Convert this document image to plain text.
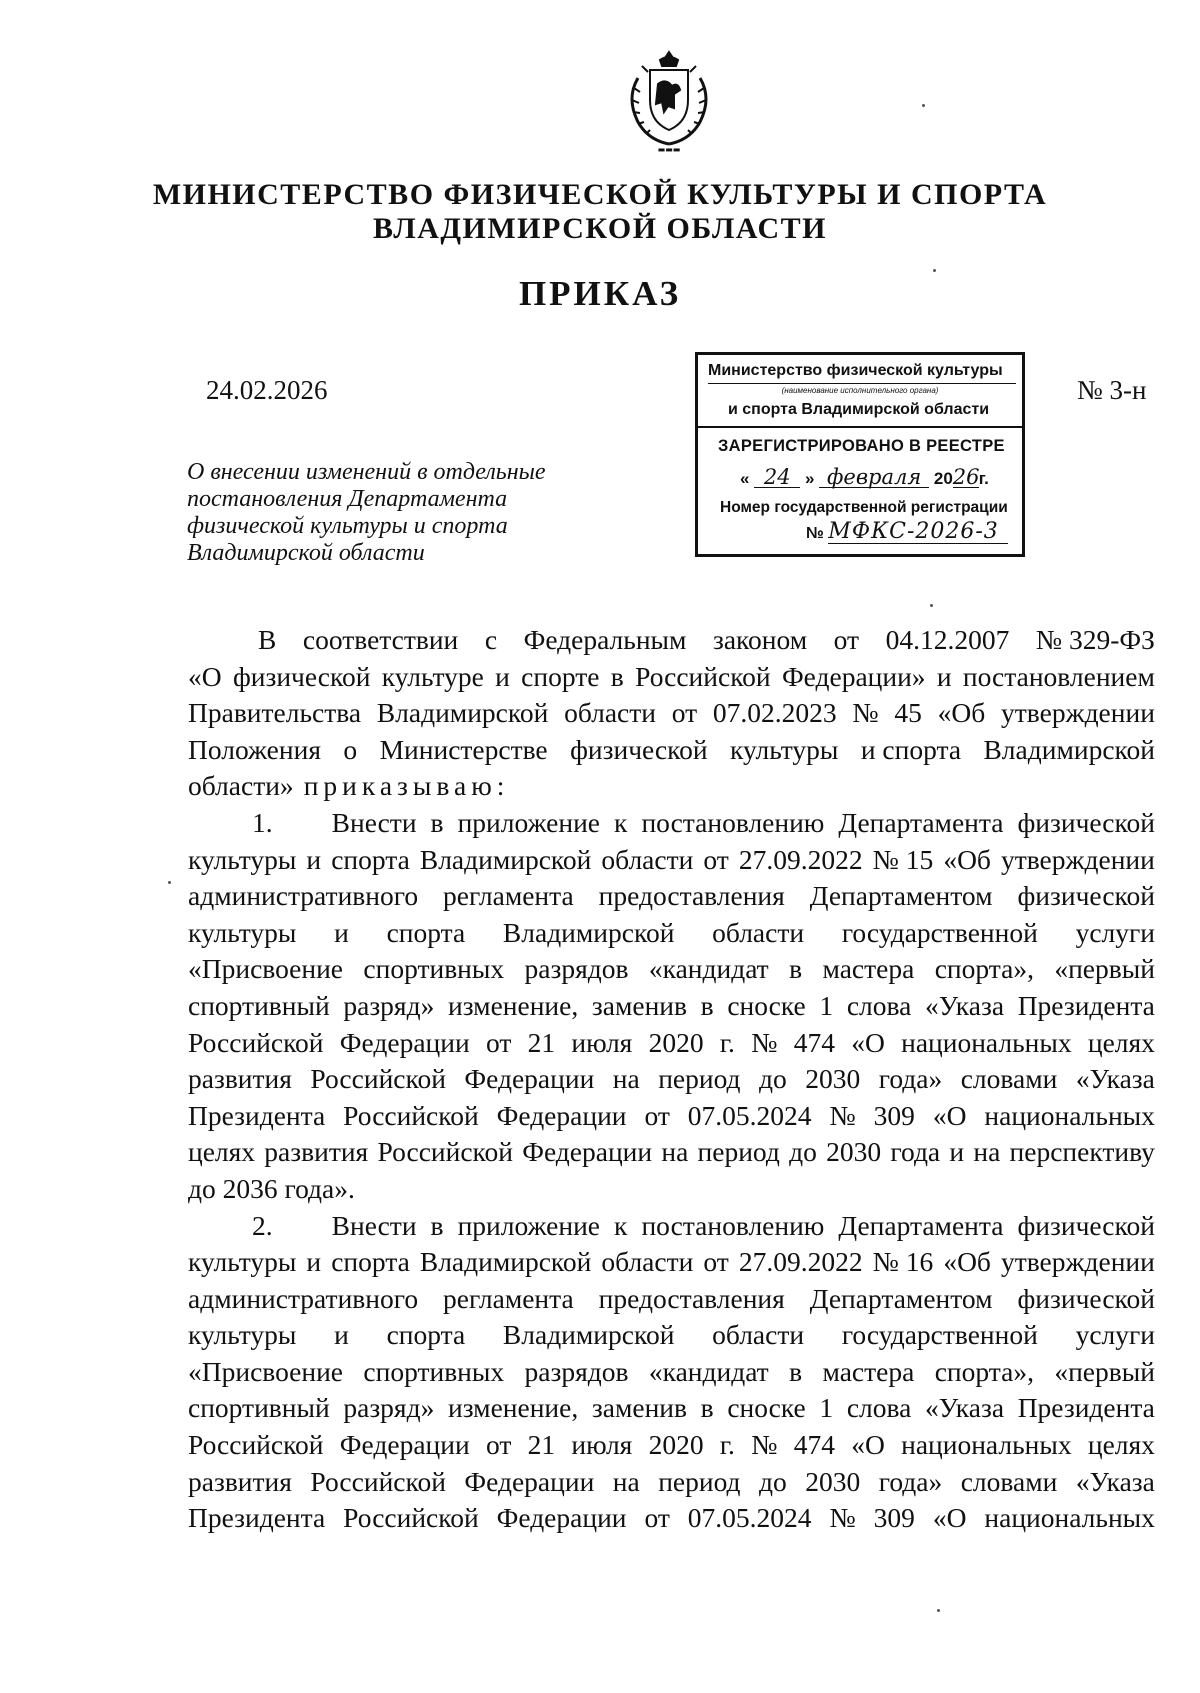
▬▬▬
МИНИСТЕРСТВО ФИЗИЧЕСКОЙ КУЛЬТУРЫ И СПОРТА
ВЛАДИМИРСКОЙ ОБЛАСТИ
ПРИКАЗ
24.02.2026	№ 3-н
О внесении изменений в отдельные
постановления Департамента
физической культуры и спорта
Владимирской области
Министерство физической культуры
(наименование исполнительного органа)
и спорта Владимирской области
ЗАРЕГИСТРИРОВАНО В РЕЕСТРЕ
« 24 » февраля 2026г.
Номер государственной регистрации
№ МФКС-2026-3
В соответствии с Федеральным законом от 04.12.2007 № 329-ФЗ
«О физической культуре и спорте в Российской Федерации» и постановлением
Правительства Владимирской области от 07.02.2023 № 45 «Об утверждении
Положения о Министерстве физической культуры и спорта Владимирской
области» приказываю:
1. Внести в приложение к постановлению Департамента физической
культуры и спорта Владимирской области от 27.09.2022 № 15 «Об утверждении
административного регламента предоставления Департаментом физической
культуры и спорта Владимирской области государственной услуги
«Присвоение спортивных разрядов «кандидат в мастера спорта», «первый
спортивный разряд» изменение, заменив в сноске 1 слова «Указа Президента
Российской Федерации от 21 июля 2020 г. № 474 «О национальных целях
развития Российской Федерации на период до 2030 года» словами «Указа
Президента Российской Федерации от 07.05.2024 № 309 «О национальных
целях развития Российской Федерации на период до 2030 года и на перспективу
до 2036 года».
2. Внести в приложение к постановлению Департамента физической
культуры и спорта Владимирской области от 27.09.2022 № 16 «Об утверждении
административного регламента предоставления Департаментом физической
культуры и спорта Владимирской области государственной услуги
«Присвоение спортивных разрядов «кандидат в мастера спорта», «первый
спортивный разряд» изменение, заменив в сноске 1 слова «Указа Президента
Российской Федерации от 21 июля 2020 г. № 474 «О национальных целях
развития Российской Федерации на период до 2030 года» словами «Указа
Президента Российской Федерации от 07.05.2024 № 309 «О национальных
